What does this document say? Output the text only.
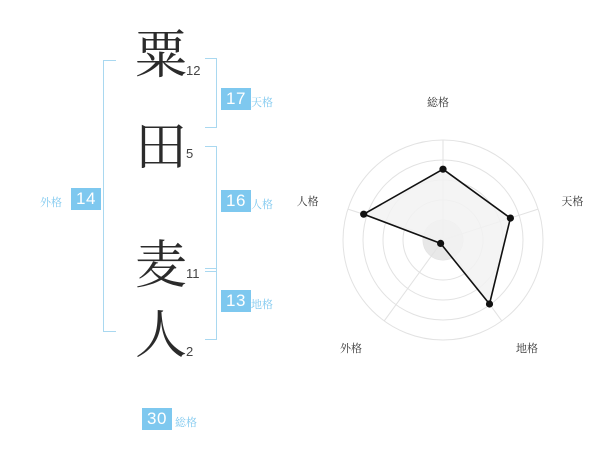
粟
田
麦
人
12
5
11
2
17 天格
16 人格
13 地格
14
外格
30 総格
総格
天格
地格
外格
人格
